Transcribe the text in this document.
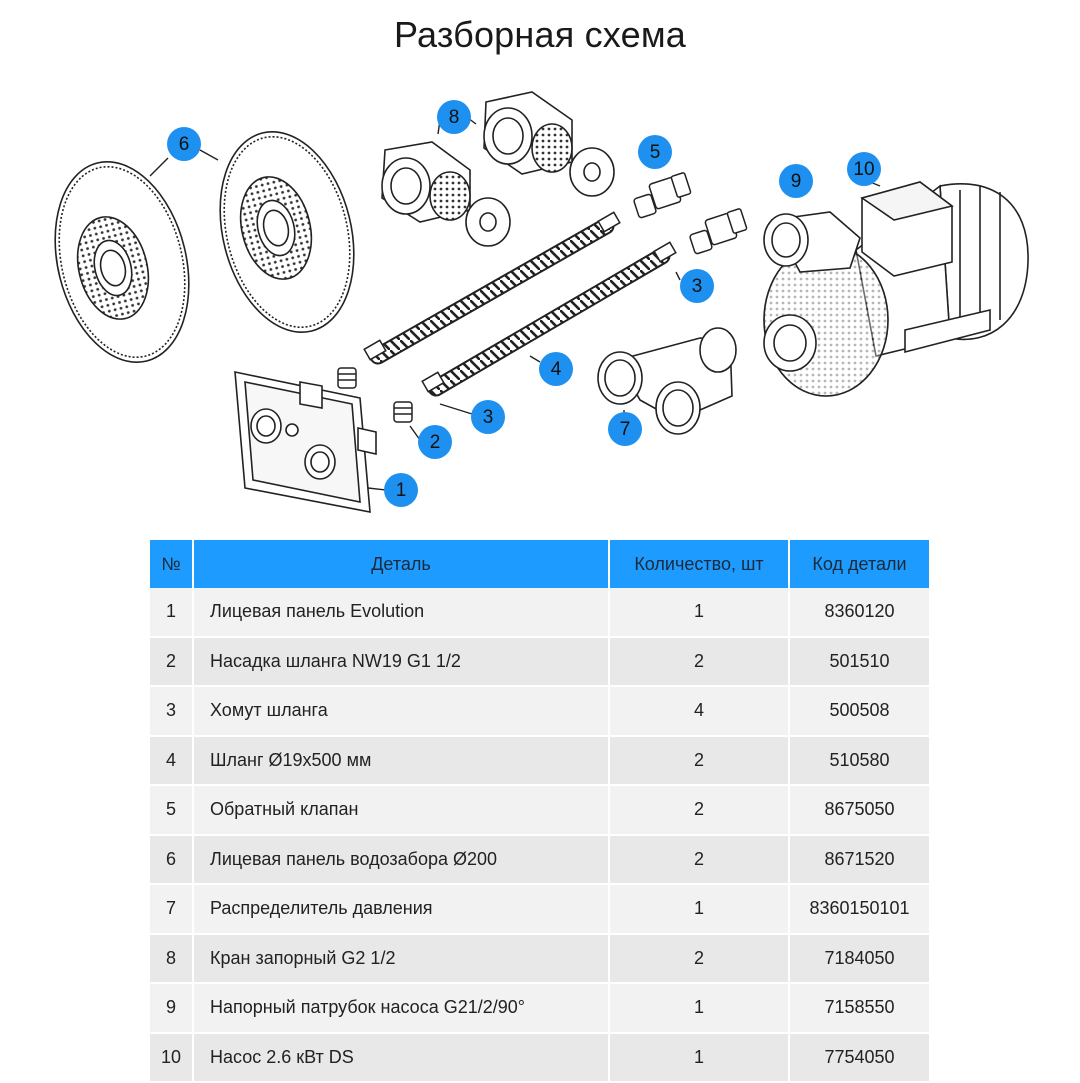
Разборная схема
1
2
3
3
4
5
6
7
8
9
10
№	Деталь	Количество, шт	Код детали
1	Лицевая панель Evolution	1	8360120
2	Насадка шланга NW19 G1 1/2	2	501510
3	Хомут шланга	4	500508
4	Шланг Ø19x500 мм	2	510580
5	Обратный клапан	2	8675050
6	Лицевая панель водозабора Ø200	2	8671520
7	Распределитель давления	1	8360150101
8	Кран запорный G2 1/2	2	7184050
9	Напорный патрубок насоса G21/2/90°	1	7158550
10	Насос 2.6 кВт DS	1	7754050
